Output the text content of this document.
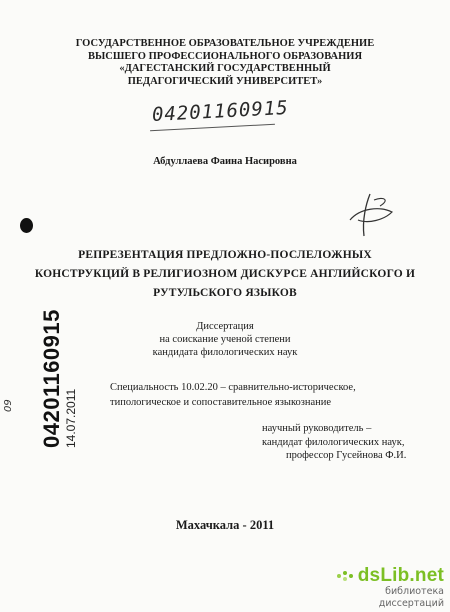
ГОСУДАРСТВЕННОЕ ОБРАЗОВАТЕЛЬНОЕ УЧРЕЖДЕНИЕ
ВЫСШЕГО ПРОФЕССИОНАЛЬНОГО ОБРАЗОВАНИЯ
«ДАГЕСТАНСКИЙ ГОСУДАРСТВЕННЫЙ
ПЕДАГОГИЧЕСКИЙ УНИВЕРСИТЕТ»
04201160915
Абдуллаева Фаина Насировна
РЕПРЕЗЕНТАЦИЯ ПРЕДЛОЖНО-ПОСЛЕЛОЖНЫХ
КОНСТРУКЦИЙ В РЕЛИГИОЗНОМ ДИСКУРСЕ АНГЛИЙСКОГО И
РУТУЛЬСКОГО ЯЗЫКОВ
Диссертация
на соискание ученой степени
кандидата филологических наук
Специальность 10.02.20 – сравнительно-историческое,
типологическое и сопоставительное языкознание
научный руководитель –
кандидат филологических наук,
профессор Гусейнова Ф.И.
Махачкала - 2011
04201160915 14.07.2011
09
dsLib.net
библиотека диссертаций
